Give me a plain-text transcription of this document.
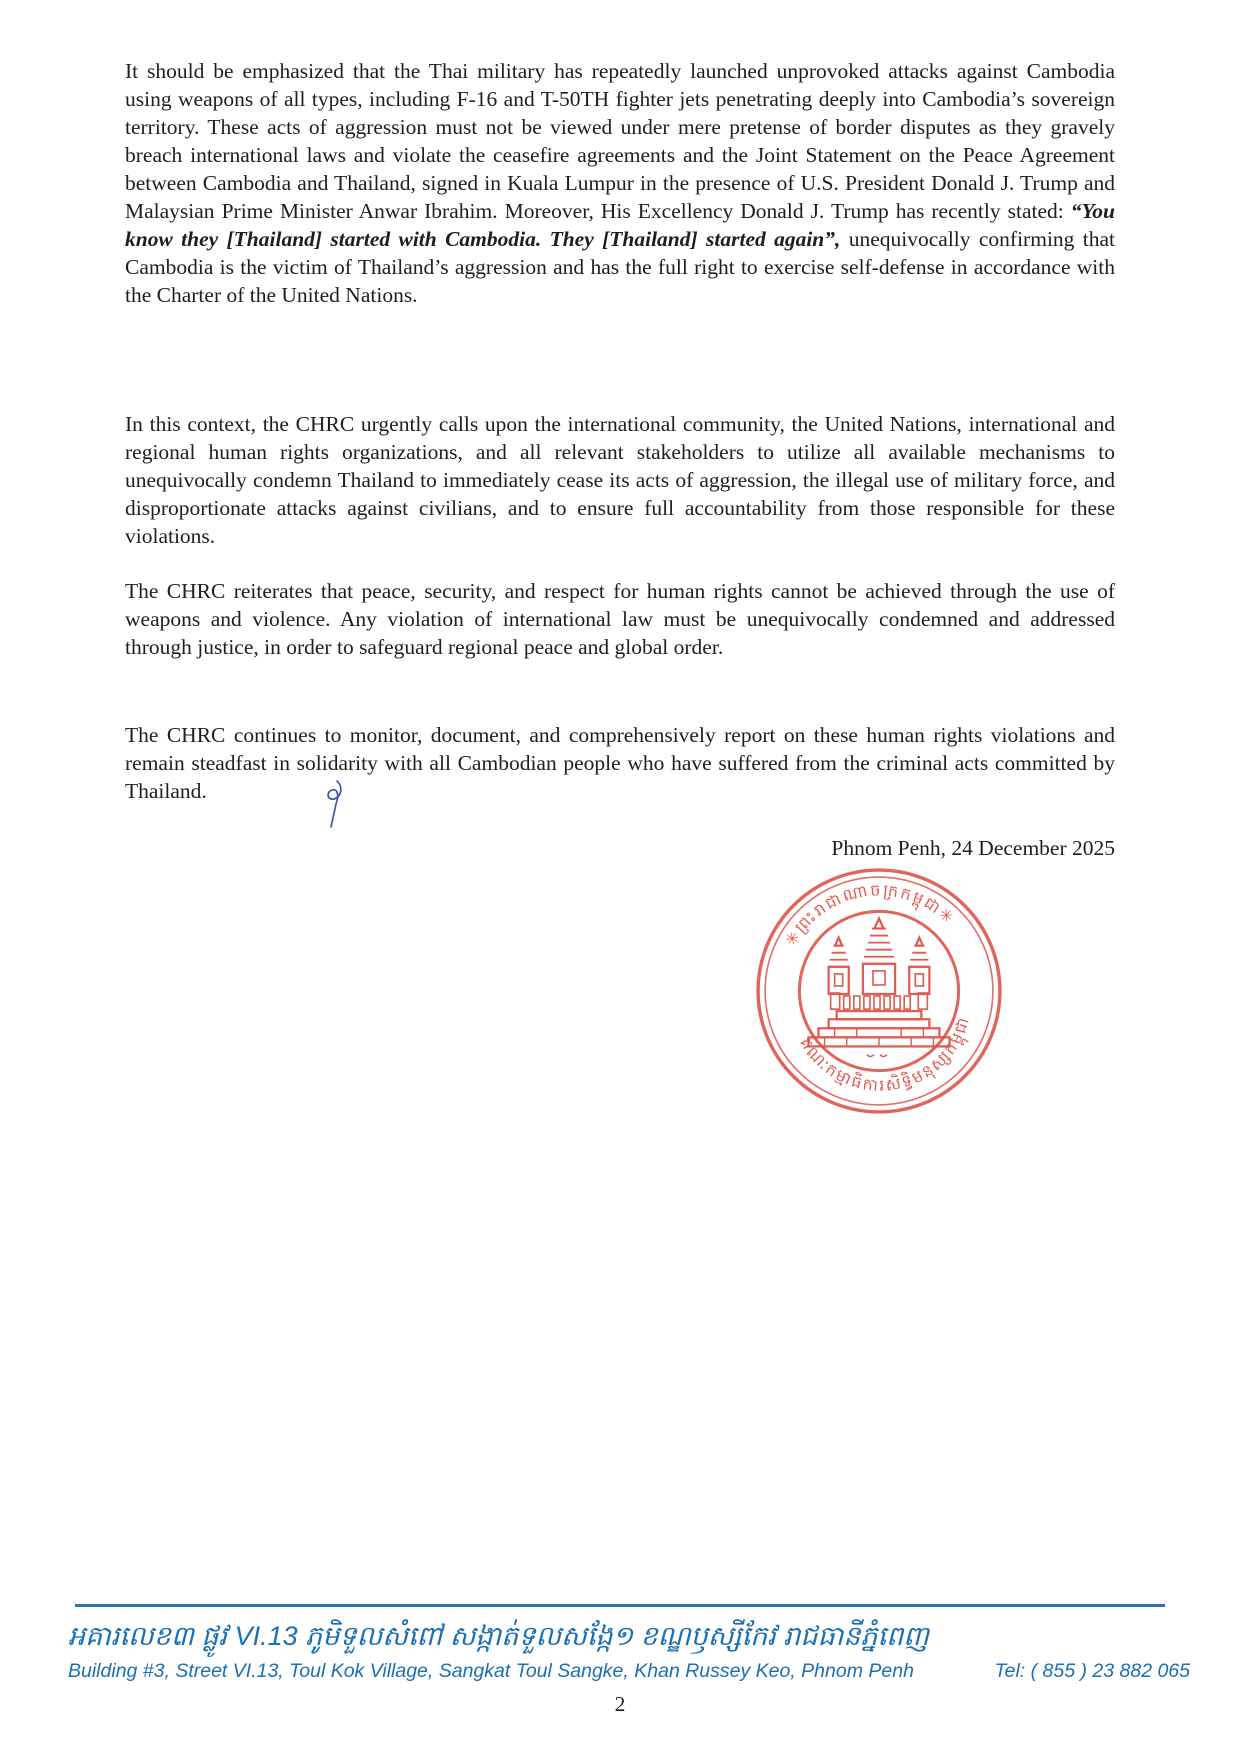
It should be emphasized that the Thai military has repeatedly launched unprovoked attacks against Cambodia using weapons of all types, including F-16 and T-50TH fighter jets penetrating deeply into Cambodia’s sovereign territory. These acts of aggression must not be viewed under mere pretense of border disputes as they gravely breach international laws and violate the ceasefire agreements and the Joint Statement on the Peace Agreement between Cambodia and Thailand, signed in Kuala Lumpur in the presence of U.S. President Donald J. Trump and Malaysian Prime Minister Anwar Ibrahim. Moreover, His Excellency Donald J. Trump has recently stated: “You know they [Thailand] started with Cambodia. They [Thailand] started again”, unequivocally confirming that Cambodia is the victim of Thailand’s aggression and has the full right to exercise self-defense in accordance with the Charter of the United Nations.

In this context, the CHRC urgently calls upon the international community, the United Nations, international and regional human rights organizations, and all relevant stakeholders to utilize all available mechanisms to unequivocally condemn Thailand to immediately cease its acts of aggression, the illegal use of military force, and disproportionate attacks against civilians, and to ensure full accountability from those responsible for these violations.

The CHRC reiterates that peace, security, and respect for human rights cannot be achieved through the use of weapons and violence. Any violation of international law must be unequivocally condemned and addressed through justice, in order to safeguard regional peace and global order.

The CHRC continues to monitor, document, and comprehensively report on these human rights violations and remain steadfast in solidarity with all Cambodian people who have suffered from the criminal acts committed by Thailand.

Phnom Penh, 24 December 2025
✳ព្រះរាជាណាចក្រកម្ពុជា✳
គណៈកម្មាធិការសិទ្ធិមនុស្សកម្ពុជា
អគារលេខ៣ ផ្លូវ VI.13 ភូមិទួលសំពៅ សង្កាត់ទួលសង្កែ១ ខណ្ឌឫស្សីកែវ រាជធានីភ្នំពេញ
Building #3, Street VI.13, Toul Kok Village, Sangkat Toul Sangke, Khan Russey Keo, Phnom Penh	Tel: ( 855 ) 23 882 065
2
